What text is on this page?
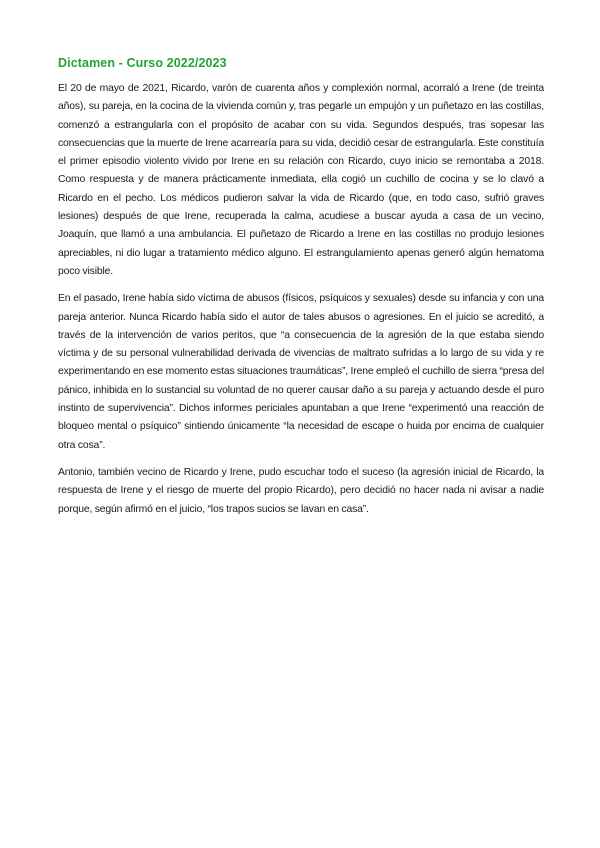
Dictamen - Curso 2022/2023

El 20 de mayo de 2021, Ricardo, varón de cuarenta años y complexión normal, acorraló a Irene (de treinta años), su pareja, en la cocina de la vivienda común y, tras pegarle un empujón y un puñetazo en las costillas, comenzó a estrangularla con el propósito de acabar con su vida. Segundos después, tras sopesar las consecuencias que la muerte de Irene acarrearía para su vida, decidió cesar de estrangularla. Este constituía el primer episodio violento vivido por Irene en su relación con Ricardo, cuyo inicio se remontaba a 2018. Como respuesta y de manera prácticamente inmediata, ella cogió un cuchillo de cocina y se lo clavó a Ricardo en el pecho. Los médicos pudieron salvar la vida de Ricardo (que, en todo caso, sufrió graves lesiones) después de que Irene, recuperada la calma, acudiese a buscar ayuda a casa de un vecino, Joaquín, que llamó a una ambulancia. El puñetazo de Ricardo a Irene en las costillas no produjo lesiones apreciables, ni dio lugar a tratamiento médico alguno. El estrangulamiento apenas generó algún hematoma poco visible.

En el pasado, Irene había sido víctima de abusos (físicos, psíquicos y sexuales) desde su infancia y con una pareja anterior. Nunca Ricardo había sido el autor de tales abusos o agresiones. En el juicio se acreditó, a través de la intervención de varios peritos, que “a consecuencia de la agresión de la que estaba siendo víctima y de su personal vulnerabilidad derivada de vivencias de maltrato sufridas a lo largo de su vida y re experimentando en ese momento estas situaciones traumáticas”, Irene empleó el cuchillo de sierra “presa del pánico, inhibida en lo sustancial su voluntad de no querer causar daño a su pareja y actuando desde el puro instinto de supervivencia”. Dichos informes periciales apuntaban a que Irene “experimentó una reacción de bloqueo mental o psíquico” sintiendo únicamente “la necesidad de escape o huida por encima de cualquier otra cosa”.

Antonio, también vecino de Ricardo y Irene, pudo escuchar todo el suceso (la agresión inicial de Ricardo, la respuesta de Irene y el riesgo de muerte del propio Ricardo), pero decidió no hacer nada ni avisar a nadie porque, según afirmó en el juicio, “los trapos sucios se lavan en casa”.
